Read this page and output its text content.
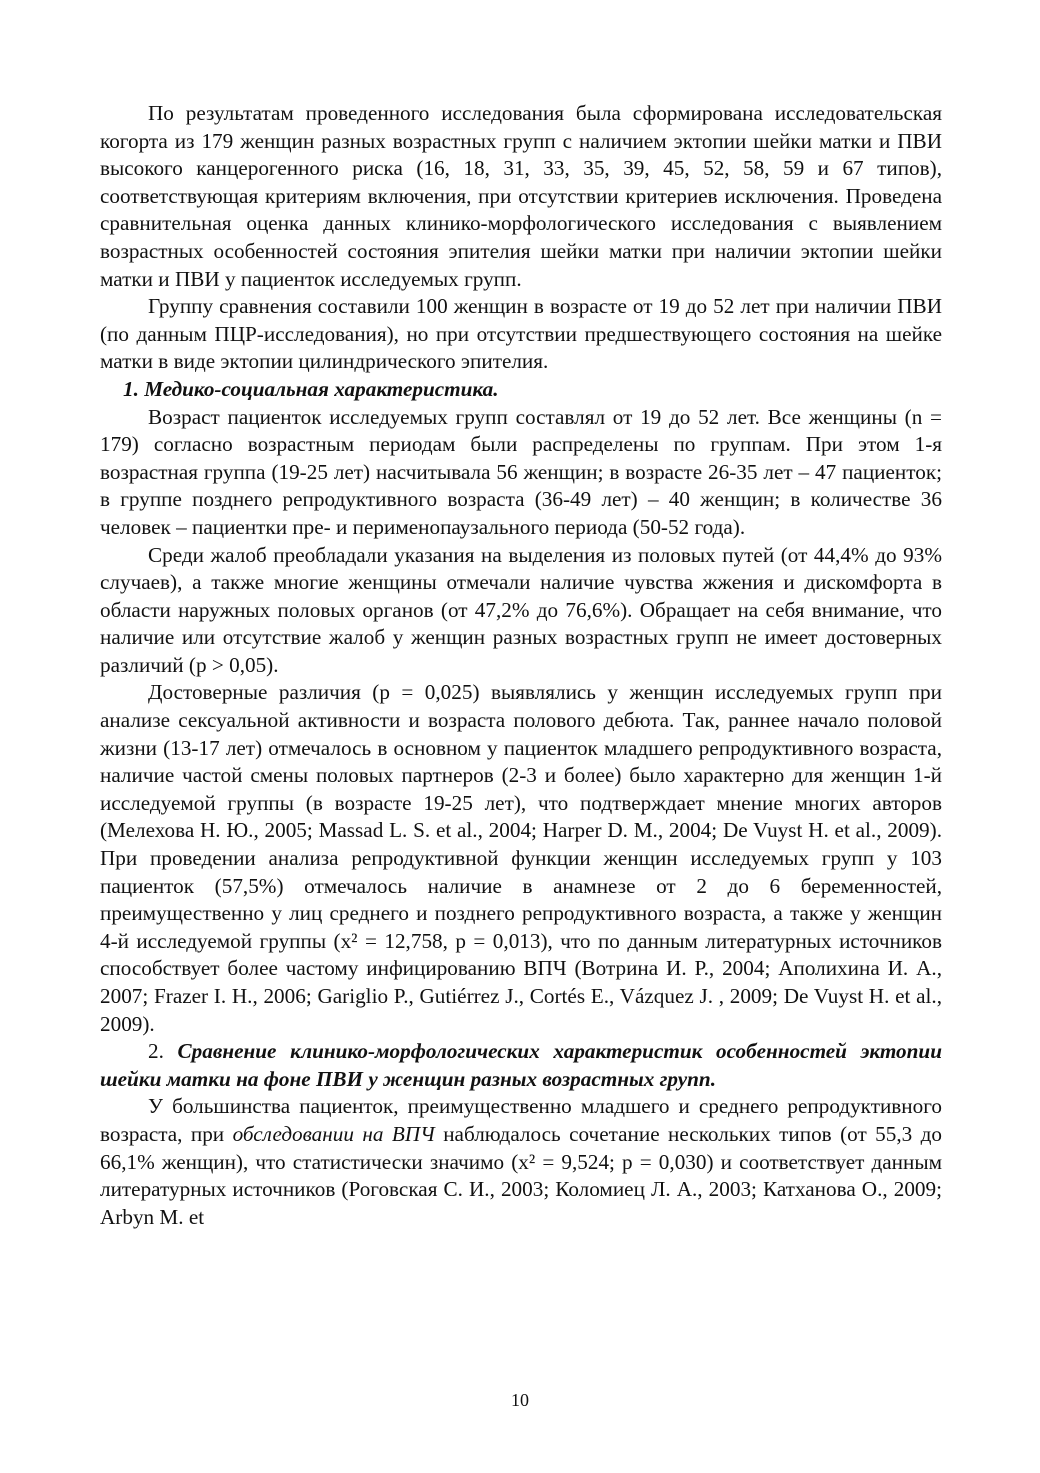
По результатам проведенного исследования была сформирована исследовательская когорта из 179 женщин разных возрастных групп с наличием эктопии шейки матки и ПВИ высокого канцерогенного риска (16, 18, 31, 33, 35, 39, 45, 52, 58, 59 и 67 типов), соответствующая критериям включения, при отсутствии критериев исключения. Проведена сравнительная оценка данных клинико-морфологического исследования с выявлением возрастных особенностей состояния эпителия шейки матки при наличии эктопии шейки матки и ПВИ у пациенток исследуемых групп.

Группу сравнения составили 100 женщин в возрасте от 19 до 52 лет при наличии ПВИ (по данным ПЦР-исследования), но при отсутствии предшествующего состояния на шейке матки в виде эктопии цилиндрического эпителия.

1. Медико-социальная характеристика.

Возраст пациенток исследуемых групп составлял от 19 до 52 лет. Все женщины (n = 179) согласно возрастным периодам были распределены по группам. При этом 1-я возрастная группа (19-25 лет) насчитывала 56 женщин; в возрасте 26-35 лет – 47 пациенток; в группе позднего репродуктивного возраста (36-49 лет) – 40 женщин; в количестве 36 человек – пациентки пре- и перименопаузального периода (50-52 года).

Среди жалоб преобладали указания на выделения из половых путей (от 44,4% до 93% случаев), а также многие женщины отмечали наличие чувства жжения и дискомфорта в области наружных половых органов (от 47,2% до 76,6%). Обращает на себя внимание, что наличие или отсутствие жалоб у женщин разных возрастных групп не имеет достоверных различий (p > 0,05).

Достоверные различия (p = 0,025) выявлялись у женщин исследуемых групп при анализе сексуальной активности и возраста полового дебюта. Так, раннее начало половой жизни (13-17 лет) отмечалось в основном у пациенток младшего репродуктивного возраста, наличие частой смены половых партнеров (2-3 и более) было характерно для женщин 1-й исследуемой группы (в возрасте 19-25 лет), что подтверждает мнение многих авторов (Мелехова Н. Ю., 2005; Massad L. S. et al., 2004; Harper D. M., 2004; De Vuyst H. et al., 2009). При проведении анализа репродуктивной функции женщин исследуемых групп у 103 пациенток (57,5%) отмечалось наличие в анамнезе от 2 до 6 беременностей, преимущественно у лиц среднего и позднего репродуктивного возраста, а также у женщин 4-й исследуемой группы (x² = 12,758, p = 0,013), что по данным литературных источников способствует более частому инфицированию ВПЧ (Вотрина И. Р., 2004; Аполихина И. А., 2007; Frazer I. H., 2006; Gariglio P., Gutiérrez J., Cortés E., Vázquez J. , 2009; De Vuyst H. et al., 2009).

2. Сравнение клинико-морфологических характеристик особенностей эктопии шейки матки на фоне ПВИ у женщин разных возрастных групп.

У большинства пациенток, преимущественно младшего и среднего репродуктивного возраста, при обследовании на ВПЧ наблюдалось сочетание нескольких типов (от 55,3 до 66,1% женщин), что статистически значимо (x² = 9,524; p = 0,030) и соответствует данным литературных источников (Роговская С. И., 2003; Коломиец Л. А., 2003; Катханова О., 2009; Arbyn M. et

10
